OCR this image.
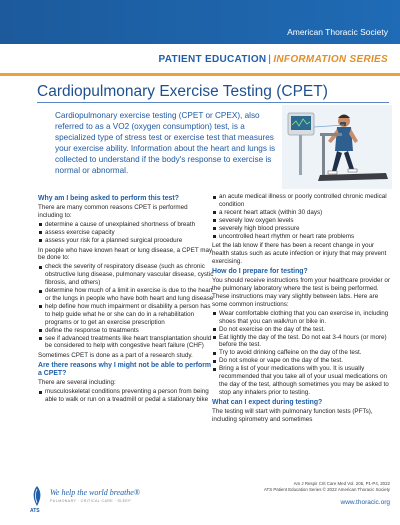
American Thoracic Society
PATIENT EDUCATION | INFORMATION SERIES
Cardiopulmonary Exercise Testing (CPET)

Cardiopulmonary exercise testing (CPET or CPEX), also referred to as a VO2 (oxygen consumption) test, is a specialized type of stress test or exercise test that measures your exercise ability. Information about the heart and lungs is collected to understand if the body's response to exercise is normal or abnormal.

Why am I being asked to perform this test?

There are many common reasons CPET is performed including to:

determine a cause of unexplained shortness of breath
assess exercise capacity
assess your risk for a planned surgical procedure

In people who have known heart or lung disease, a CPET may be done to:

check the severity of respiratory disease (such as chronic obstructive lung disease, pulmonary vascular disease, cystic fibrosis, and others)
determine how much of a limit in exercise is due to the heart or the lungs in people who have both heart and lung disease
help define how much impairment or disability a person has to help guide what he or she can do in a rehabilitation programs or to get an exercise prescription
define the response to treatments
see if advanced treatments like heart transplantation should be considered to help with congestive heart failure (CHF)

Sometimes CPET is done as a part of a research study.

Are there reasons why I might not be able to perform a CPET?

There are several including:

musculoskeletal conditions preventing a person from being able to walk or run on a treadmill or pedal a stationary bike
an acute medical illness or poorly controlled chronic medical condition
a recent heart attack (within 30 days)
severely low oxygen levels
severely high blood pressure
uncontrolled heart rhythm or heart rate problems

Let the lab know if there has been a recent change in your health status such as acute infection or injury that may prevent exercising.

How do I prepare for testing?

You should receive instructions from your healthcare provider or the pulmonary laboratory where the test is being performed. These instructions may vary slightly between labs. Here are some common instructions:

Wear comfortable clothing that you can exercise in, including shoes that you can walk/run or bike in.
Do not exercise on the day of the test.
Eat lightly the day of the test. Do not eat 3-4 hours (or more) before the test.
Try to avoid drinking caffeine on the day of the test.
Do not smoke or vape on the day of the test.
Bring a list of your medications with you. It is usually recommended that you take all of your usual medications on the day of the test, although sometimes you may be asked to stop any inhalers prior to testing.
What can I expect during testing?

The testing will start with pulmonary function tests (PFTs), including spirometry and sometimes

We help the world breathe®
PULMONARY · CRITICAL CARE · SLEEP
ATS
Am J Respir Crit Care Med Vol. 205, P1-P4, 2022
ATS Patient Education Series © 2022 American Thoracic Society
www.thoracic.org
